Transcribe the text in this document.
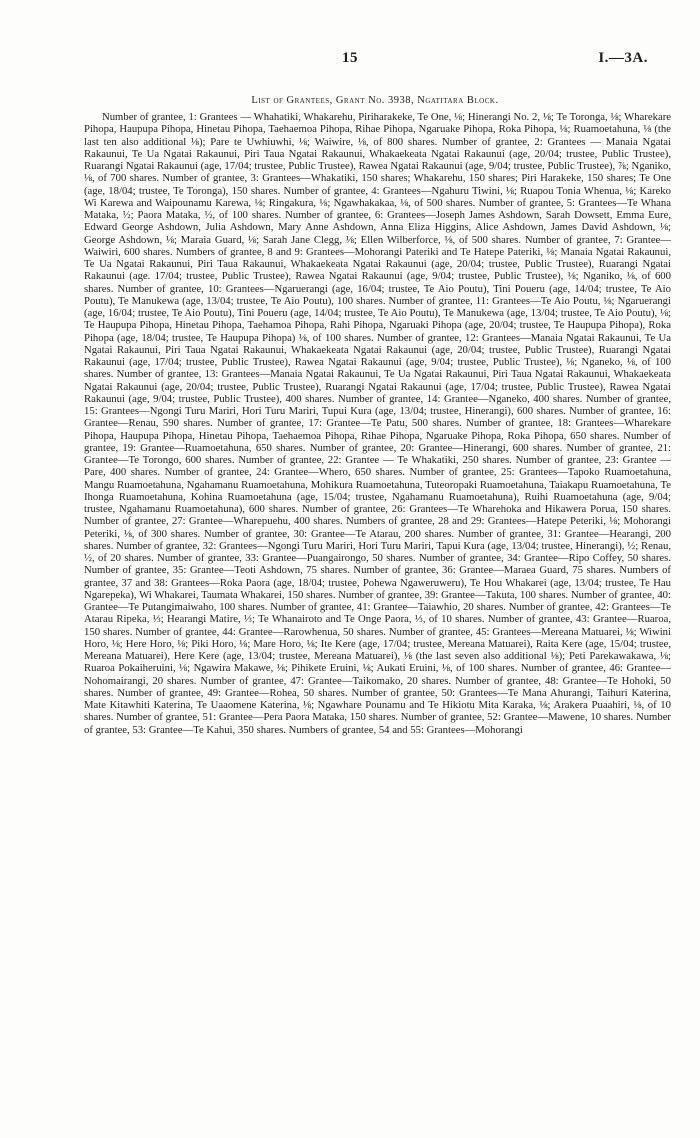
15	I.—3A.
List of Grantees, Grant No. 3938, Ngatitara Block.

Number of grantee, 1: Grantees — Whahatiki, Whakarehu, Piriharakeke, Te One, ⅛; Hinerangi No. 2, ⅛; Te Toronga, ⅛; Wharekare Pihopa, Haupupa Pihopa, Hinetau Pihopa, Taehaemoa Pihopa, Rihae Pihopa, Ngaruake Pihopa, Roka Pihopa, ⅛; Ruamoetahuna, ⅛ (the last ten also additional ⅛); Pare te Uwhiuwhi, ⅛; Waiwire, ⅛, of 800 shares. Number of grantee, 2: Grantees — Manaia Ngatai Rakaunui, Te Ua Ngatai Rakaunui, Piri Taua Ngatai Rakaunui, Whakaekeata Ngatai Rakaunui (age, 20/04; trustee, Public Trustee), Ruarangi Ngatai Rakaunui (age, 17/04; trustee, Public Trustee), Rawea Ngatai Rakaunui (age, 9/04; trustee, Public Trustee), ⅞; Nganiko, ⅛, of 700 shares. Number of grantee, 3: Grantees—Whakatiki, 150 shares; Whakarehu, 150 shares; Piri Harakeke, 150 shares; Te One (age, 18/04; trustee, Te Toronga), 150 shares. Number of grantee, 4: Grantees—Ngahuru Tiwini, ⅛; Ruapou Tonia Whenua, ⅛; Kareko Wi Karewa and Waipounamu Karewa, ⅛; Ringakura, ⅛; Ngawhakakaa, ⅛, of 500 shares. Number of grantee, 5: Grantees—Te Whana Mataka, ½; Paora Mataka, ½, of 100 shares. Number of grantee, 6: Grantees—Joseph James Ashdown, Sarah Dowsett, Emma Eure, Edward George Ashdown, Julia Ashdown, Mary Anne Ashdown, Anna Eliza Higgins, Alice Ashdown, James David Ashdown, ⅛; George Ashdown, ⅛; Maraia Guard, ⅛; Sarah Jane Clegg, ⅛; Ellen Wilberforce, ⅛, of 500 shares. Number of grantee, 7: Grantee—Waiwiri, 600 shares. Numbers of grantee, 8 and 9: Grantees—Mohorangi Pateriki and Te Hatepe Pateriki, ⅛; Manaia Ngatai Rakaunui, Te Ua Ngatai Rakaunui, Piri Taua Rakaunui, Whakaekeata Ngatai Rakaunui (age, 20/04; trustee, Public Trustee), Ruarangi Ngatai Rakaunui (age. 17/04; trustee, Public Trustee), Rawea Ngatai Rakaunui (age, 9/04; trustee, Public Trustee), ⅛; Nganiko, ⅛, of 600 shares. Number of grantee, 10: Grantees—Ngaruerangi (age, 16/04; trustee, Te Aio Poutu), Tini Poueru (age, 14/04; trustee, Te Aio Poutu), Te Manukewa (age, 13/04; trustee, Te Aio Poutu), 100 shares. Number of grantee, 11: Grantees—Te Aio Poutu, ⅛; Ngaruerangi (age, 16/04; trustee, Te Aio Poutu), Tini Poueru (age, 14/04; trustee, Te Aio Poutu), Te Manukewa (age, 13/04; trustee, Te Aio Poutu), ⅛; Te Haupupa Pihopa, Hinetau Pihopa, Taehamoa Pihopa, Rahi Pihopa, Ngaruaki Pihopa (age, 20/04; trustee, Te Haupupa Pihopa), Roka Pihopa (age, 18/04; trustee, Te Haupupa Pihopa) ⅛, of 100 shares. Number of grantee, 12: Grantees—Manaia Ngatai Rakaunui, Te Ua Ngatai Rakaunui, Piri Taua Ngatai Rakaunui, Whakaekeata Ngatai Rakaunui (age, 20/04; trustee, Public Trustee), Ruarangi Ngatai Rakaunui (age, 17/04; trustee, Public Trustee), Rawea Ngatai Rakaunui (age, 9/04; trustee, Public Trustee), ⅛; Nganeko, ⅛, of 100 shares. Number of grantee, 13: Grantees—Manaia Ngatai Rakaunui, Te Ua Ngatai Rakaunui, Piri Taua Ngatai Rakaunui, Whakaekeata Ngatai Rakaunui (age, 20/04; trustee, Public Trustee), Ruarangi Ngatai Rakaunui (age, 17/04; trustee, Public Trustee), Rawea Ngatai Rakaunui (age, 9/04; trustee, Public Trustee), 400 shares. Number of grantee, 14: Grantee—Nganeko, 400 shares. Number of grantee, 15: Grantees—Ngongi Turu Mariri, Hori Turu Mariri, Tupui Kura (age, 13/04; trustee, Hinerangi), 600 shares. Number of grantee, 16: Grantee—Renau, 590 shares. Number of grantee, 17: Grantee—Te Patu, 500 shares. Number of grantee, 18: Grantees—Wharekare Pihopa, Haupupa Pihopa, Hinetau Pihopa, Taehaemoa Pihopa, Rihae Pihopa, Ngaruake Pihopa, Roka Pihopa, 650 shares. Number of grantee, 19: Grantee—Ruamoetahuna, 650 shares. Number of grantee, 20: Grantee—Hinerangi, 600 shares. Number of grantee, 21: Grantee—Te Torongo, 600 shares. Number of grantee, 22: Grantee — Te Whakatiki, 250 shares. Number of grantee, 23: Grantee — Pare, 400 shares. Number of grantee, 24: Grantee—Whero, 650 shares. Number of grantee, 25: Grantees—Tapoko Ruamoetahuna, Mangu Ruamoetahuna, Ngahamanu Ruamoetahuna, Mohikura Ruamoetahuna, Tuteoropaki Ruamoetahuna, Taiakapu Ruamoetahuna, Te Ihonga Ruamoetahuna, Kohina Ruamoetahuna (age, 15/04; trustee, Ngahamanu Ruamoetahuna), Ruihi Ruamoetahuna (age, 9/04; trustee, Ngahamanu Ruamoetahuna), 600 shares. Number of grantee, 26: Grantees—Te Wharehoka and Hikawera Porua, 150 shares. Number of grantee, 27: Grantee—Wharepuehu, 400 shares. Numbers of grantee, 28 and 29: Grantees—Hatepe Peteriki, ⅛; Mohorangi Peteriki, ⅛, of 300 shares. Number of grantee, 30: Grantee—Te Atarau, 200 shares. Number of grantee, 31: Grantee—Hearangi, 200 shares. Number of grantee, 32: Grantees—Ngongi Turu Mariri, Hori Turu Mariri, Tapui Kura (age, 13/04; trustee, Hinerangi), ½; Renau, ½, of 20 shares. Number of grantee, 33: Grantee—Puangairongo, 50 shares. Number of grantee, 34: Grantee—Ripo Coffey, 50 shares. Number of grantee, 35: Grantee—Teoti Ashdown, 75 shares. Number of grantee, 36: Grantee—Maraea Guard, 75 shares. Numbers of grantee, 37 and 38: Grantees—Roka Paora (age, 18/04; trustee, Pohewa Ngaweruweru), Te Hou Whakarei (age, 13/04; trustee, Te Hau Ngarepeka), Wi Whakarei, Taumata Whakarei, 150 shares. Number of grantee, 39: Grantee—Takuta, 100 shares. Number of grantee, 40: Grantee—Te Putangimaiwaho, 100 shares. Number of grantee, 41: Grantee—Taiawhio, 20 shares. Number of grantee, 42: Grantees—Te Atarau Ripeka, ⅓; Hearangi Matire, ⅓; Te Whanairoto and Te Onge Paora, ⅓, of 10 shares. Number of grantee, 43: Grantee—Ruaroa, 150 shares. Number of grantee, 44: Grantee—Rarowhenua, 50 shares. Number of grantee, 45: Grantees—Mereana Matuarei, ⅛; Wiwini Horo, ⅛; Here Horo, ⅛; Piki Horo, ⅛; Mare Horo, ⅛; Ite Kere (age, 17/04; trustee, Mereana Matuarei), Raita Kere (age, 15/04; trustee, Mereana Matuarei), Here Kere (age, 13/04; trustee, Mereana Matuarei), ⅛ (the last seven also additional ⅛); Peti Parekawakawa, ⅛; Ruaroa Pokaiheruini, ⅛; Ngawira Makawe, ⅛; Pihikete Eruini, ⅛; Aukati Eruini, ⅛, of 100 shares. Number of grantee, 46: Grantee—Nohomairangi, 20 shares. Number of grantee, 47: Grantee—Taikomako, 20 shares. Number of grantee, 48: Grantee—Te Hohoki, 50 shares. Number of grantee, 49: Grantee—Rohea, 50 shares. Number of grantee, 50: Grantees—Te Mana Ahurangi, Taihuri Katerina, Mate Kitawhiti Katerina, Te Uaaomene Katerina, ⅛; Ngawhare Pounamu and Te Hikiotu Mita Karaka, ⅛; Arakera Puaahiri, ⅛, of 10 shares. Number of grantee, 51: Grantee—Pera Paora Mataka, 150 shares. Number of grantee, 52: Grantee—Mawene, 10 shares. Number of grantee, 53: Grantee—Te Kahui, 350 shares. Numbers of grantee, 54 and 55: Grantees—Mohorangi
